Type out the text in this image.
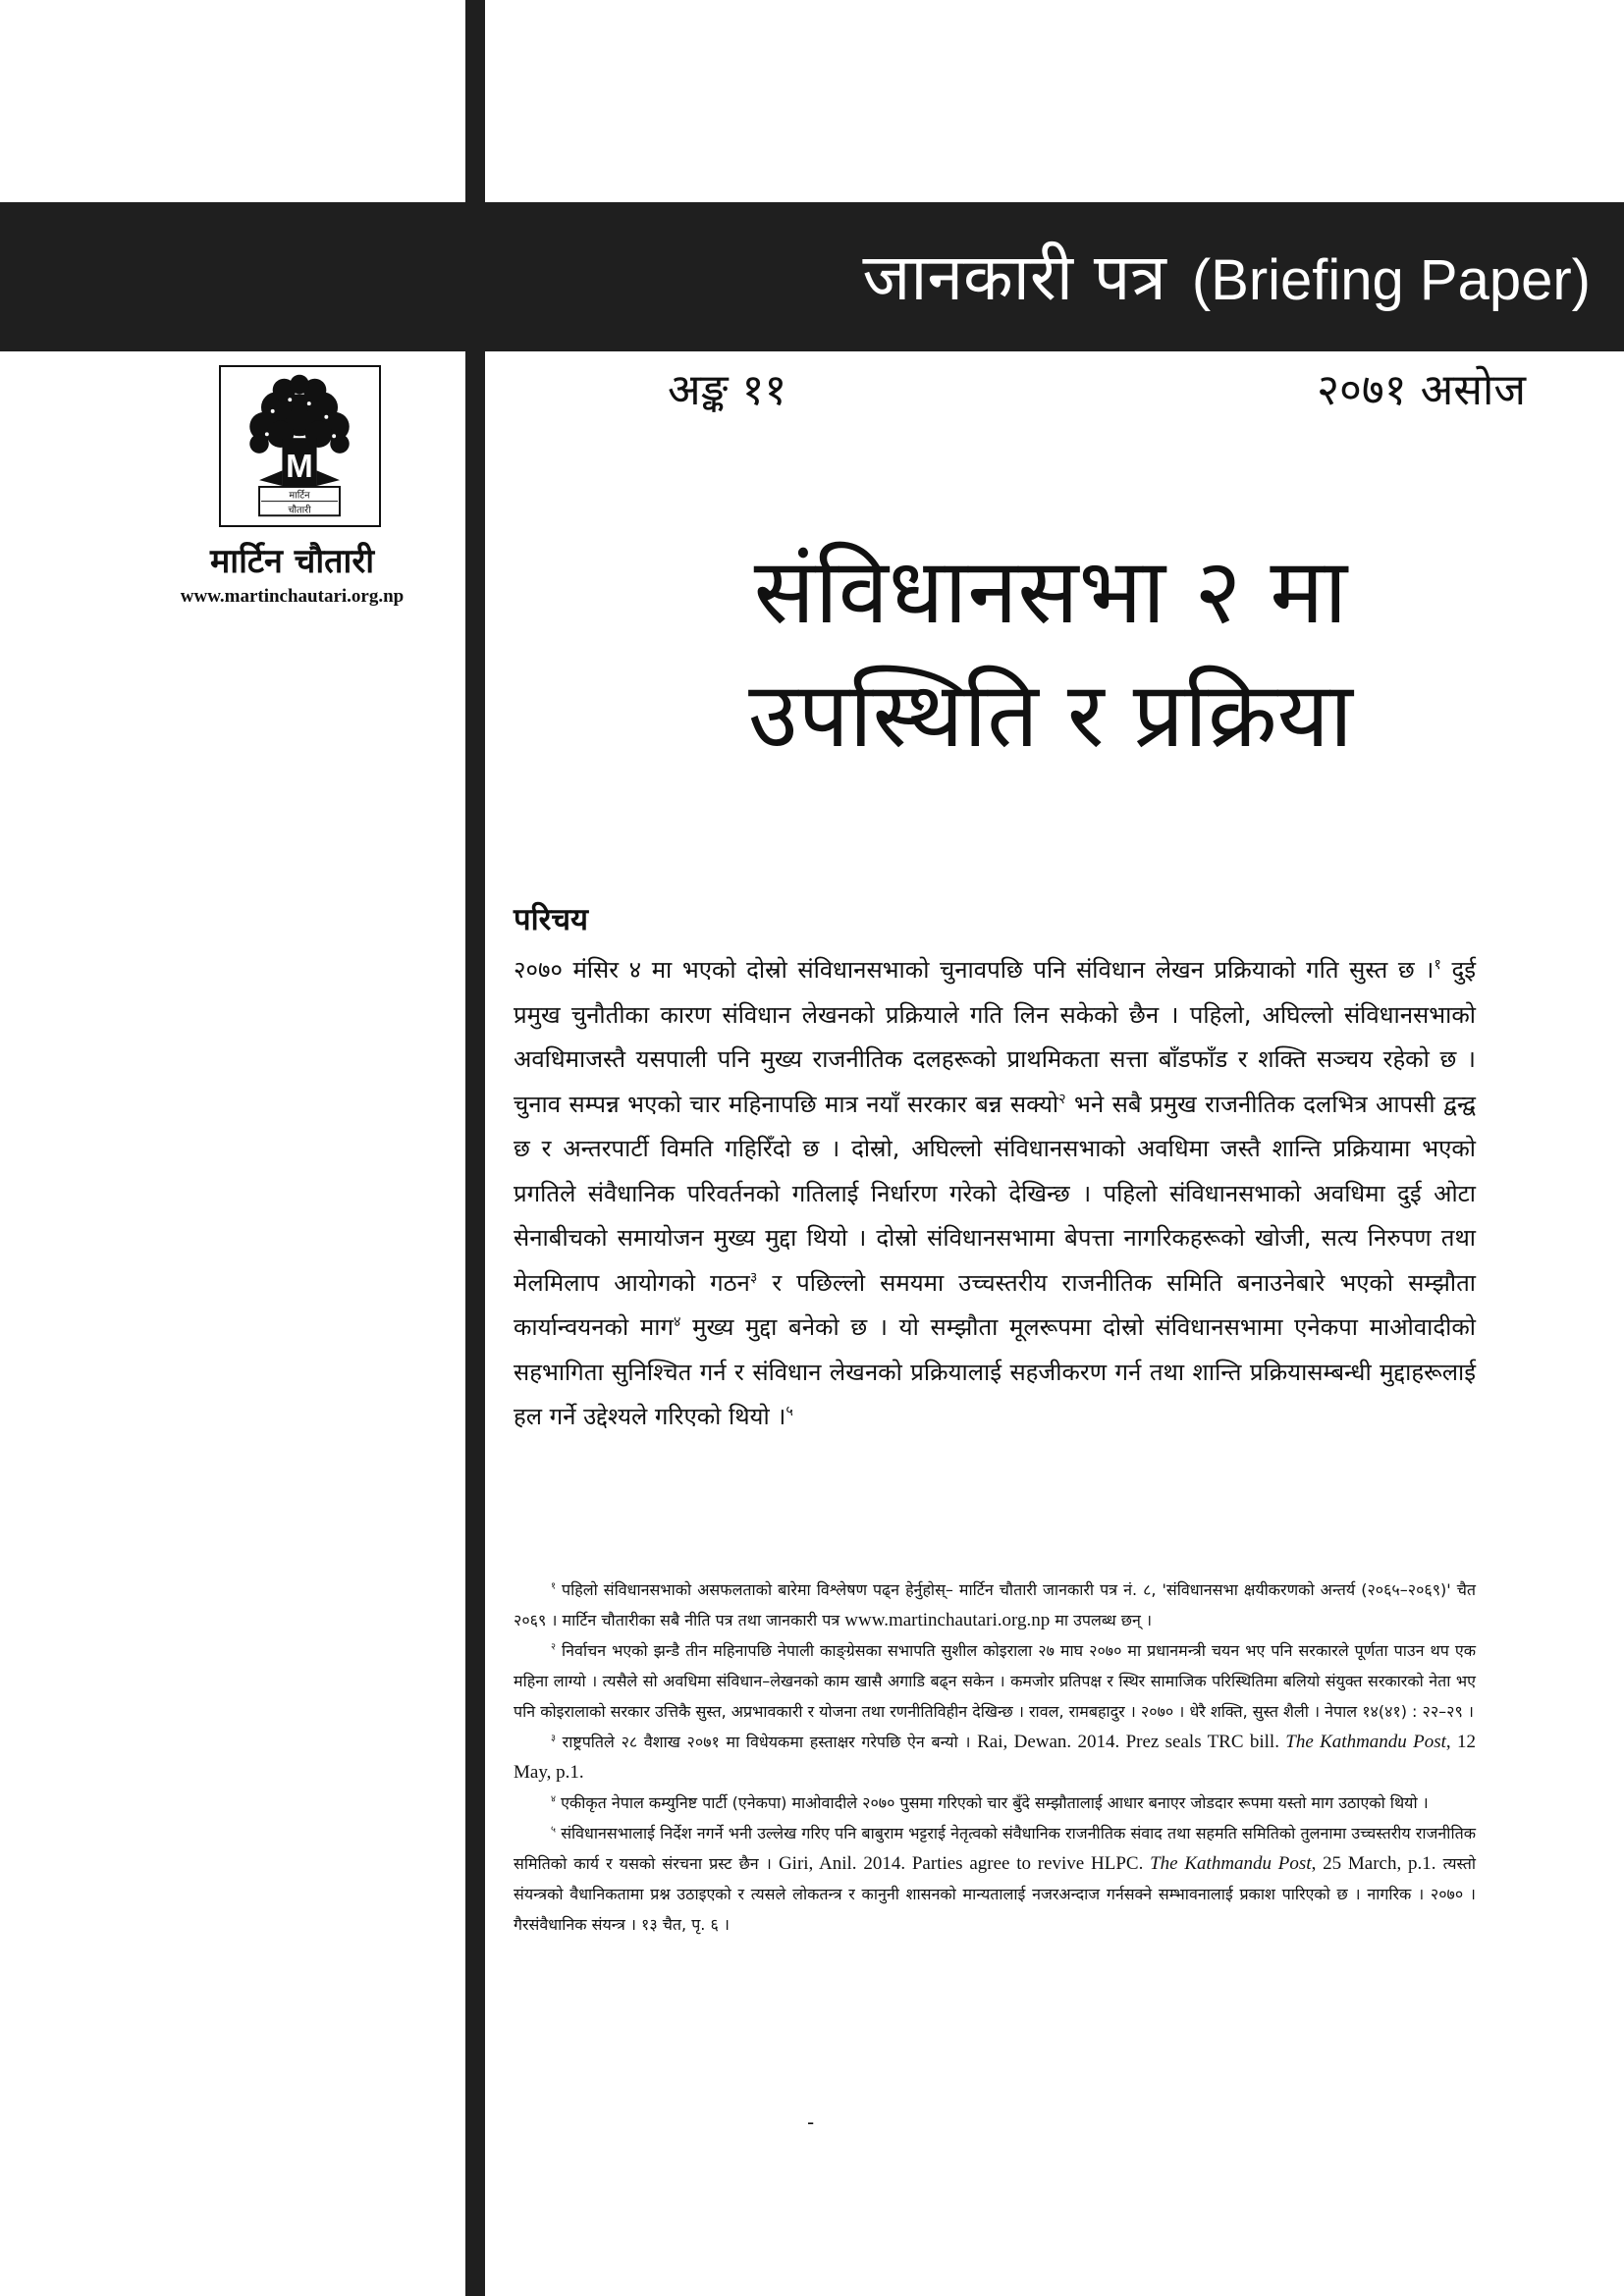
जानकारी पत्र (Briefing Paper)
अङ्क ११	२०७१ असोज
M
मार्टिन
चौतारी
मार्टिन चौतारी
www.martinchautari.org.np	संविधानसभा २ मा
उपस्थिति र प्रक्रिया
परिचय
२०७० मंसिर ४ मा भएको दोस्रो संविधानसभाको चुनावपछि पनि संविधान लेखन प्रक्रियाको गति सुस्त छ ।$^१$ दुई प्रमुख चुनौतीका कारण संविधान लेखनको प्रक्रियाले गति लिन सकेको छैन । पहिलो, अघिल्लो संविधानसभाको अवधिमाजस्तै यसपाली पनि मुख्य राजनीतिक दलहरूको प्राथमिकता सत्ता बाँडफाँड र शक्ति सञ्चय रहेको छ । चुनाव सम्पन्न भएको चार महिनापछि मात्र नयाँ सरकार बन्न सक्यो$^२$ भने सबै प्रमुख राजनीतिक दलभित्र आपसी द्वन्द्व छ र अन्तरपार्टी विमति गहिरिँदो छ । दोस्रो, अघिल्लो संविधानसभाको अवधिमा जस्तै शान्ति प्रक्रियामा भएको प्रगतिले संवैधानिक परिवर्तनको गतिलाई निर्धारण गरेको देखिन्छ । पहिलो संविधानसभाको अवधिमा दुई ओटा सेनाबीचको समायोजन मुख्य मुद्दा थियो । दोस्रो संविधानसभामा बेपत्ता नागरिकहरूको खोजी, सत्य निरुपण तथा मेलमिलाप आयोगको गठन$^३$ र पछिल्लो समयमा उच्चस्तरीय राजनीतिक समिति बनाउनेबारे भएको सम्झौता कार्यान्वयनको माग$^४$ मुख्य मुद्दा बनेको छ । यो सम्झौता मूलरूपमा दोस्रो संविधानसभामा एनेकपा माओवादीको सहभागिता सुनिश्चित गर्न र संविधान लेखनको प्रक्रियालाई सहजीकरण गर्न तथा शान्ति प्रक्रियासम्बन्धी मुद्दाहरूलाई हल गर्ने उद्देश्यले गरिएको थियो ।$^५$

$^१$ पहिलो संविधानसभाको असफलताको बारेमा विश्लेषण पढ्न हेर्नुहोस्– मार्टिन चौतारी जानकारी पत्र नं. ८, 'संविधानसभा क्षयीकरणको अन्तर्य (२०६५–२०६९)' चैत २०६९ । मार्टिन चौतारीका सबै नीति पत्र तथा जानकारी पत्र www.martinchautari.org.np मा उपलब्ध छन् ।

$^२$ निर्वाचन भएको झन्डै तीन महिनापछि नेपाली काङ्ग्रेसका सभापति सुशील कोइराला २७ माघ २०७० मा प्रधानमन्त्री चयन भए पनि सरकारले पूर्णता पाउन थप एक महिना लाग्यो । त्यसैले सो अवधिमा संविधान–लेखनको काम खासै अगाडि बढ्न सकेन । कमजोर प्रतिपक्ष र स्थिर सामाजिक परिस्थितिमा बलियो संयुक्त सरकारको नेता भए पनि कोइरालाको सरकार उत्तिकै सुस्त, अप्रभावकारी र योजना तथा रणनीतिविहीन देखिन्छ । रावल, रामबहादुर । २०७० । धेरै शक्ति, सुस्त शैली । नेपाल १४(४१) : २२–२९ ।

$^३$ राष्ट्रपतिले २८ वैशाख २०७१ मा विधेयकमा हस्ताक्षर गरेपछि ऐन बन्यो । Rai, Dewan. 2014. Prez seals TRC bill. The Kathmandu Post, 12 May, p.1.

$^४$ एकीकृत नेपाल कम्युनिष्ट पार्टी (एनेकपा) माओवादीले २०७० पुसमा गरिएको चार बुँदे सम्झौतालाई आधार बनाएर जोडदार रूपमा यस्तो माग उठाएको थियो ।

$^५$ संविधानसभालाई निर्देश नगर्ने भनी उल्लेख गरिए पनि बाबुराम भट्टराई नेतृत्वको संवैधानिक राजनीतिक संवाद तथा सहमति समितिको तुलनामा उच्चस्तरीय राजनीतिक समितिको कार्य र यसको संरचना प्रस्ट छैन । Giri, Anil. 2014. Parties agree to revive HLPC. The Kathmandu Post, 25 March, p.1. त्यस्तो संयन्त्रको वैधानिकतामा प्रश्न उठाइएको र त्यसले लोकतन्त्र र कानुनी शासनको मान्यतालाई नजरअन्दाज गर्नसक्ने सम्भावनालाई प्रकाश पारिएको छ । नागरिक । २०७० । गैरसंवैधानिक संयन्त्र । १३ चैत, पृ. ६ ।

-
